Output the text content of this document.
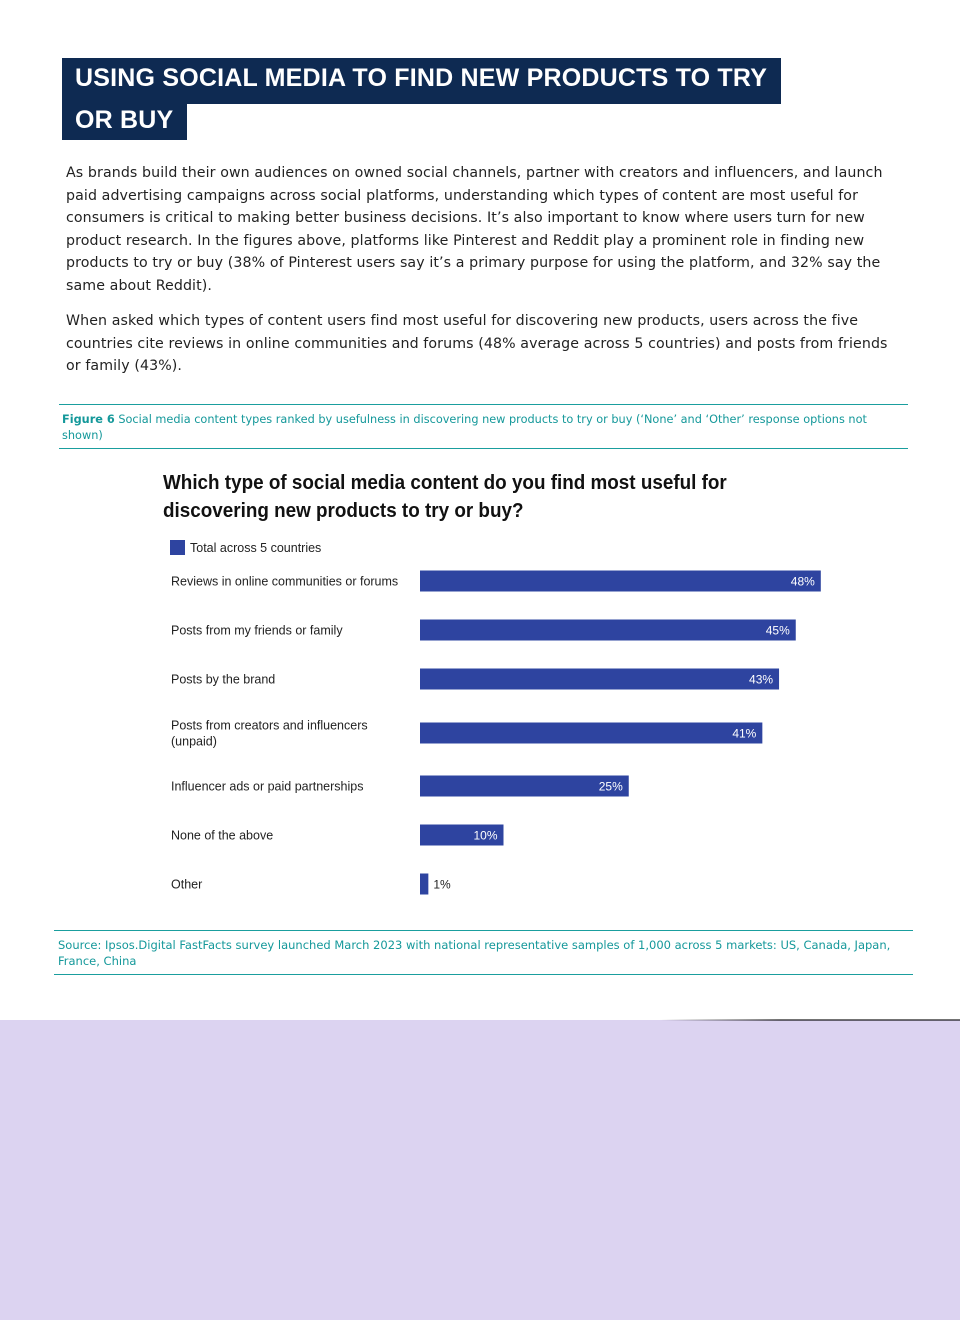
USING SOCIAL MEDIA TO FIND NEW PRODUCTS TO TRY
OR BUY

As brands build their own audiences on owned social channels, partner with creators and influencers, and launch paid advertising campaigns across social platforms, understanding which types of content are most useful for consumers is critical to making better business decisions. It’s also important to know where users turn for new product research. In the figures above, platforms like Pinterest and Reddit play a prominent role in finding new products to try or buy (38% of Pinterest users say it’s a primary purpose for using the platform, and 32% say the same about Reddit).

When asked which types of content users find most useful for discovering new products, users across the five countries cite reviews in online communities and forums (48% average across 5 countries) and posts from friends or family (43%).

Figure 6 Social media content types ranked by usefulness in discovering new products to try or buy (‘None’ and ‘Other’ response options not shown)
Which type of social media content do you find most useful for discovering new products to try or buy?
Total across 5 countries
48%
Reviews in online communities or forums
45%
Posts from my friends or family
43%
Posts by the brand
41%
Posts from creators and influencers
(unpaid)
25%
Influencer ads or paid partnerships
10%
None of the above
1%
Other
Source: Ipsos.Digital FastFacts survey launched March 2023 with national representative samples of 1,000 across 5 markets: US, Canada, Japan, France, China
